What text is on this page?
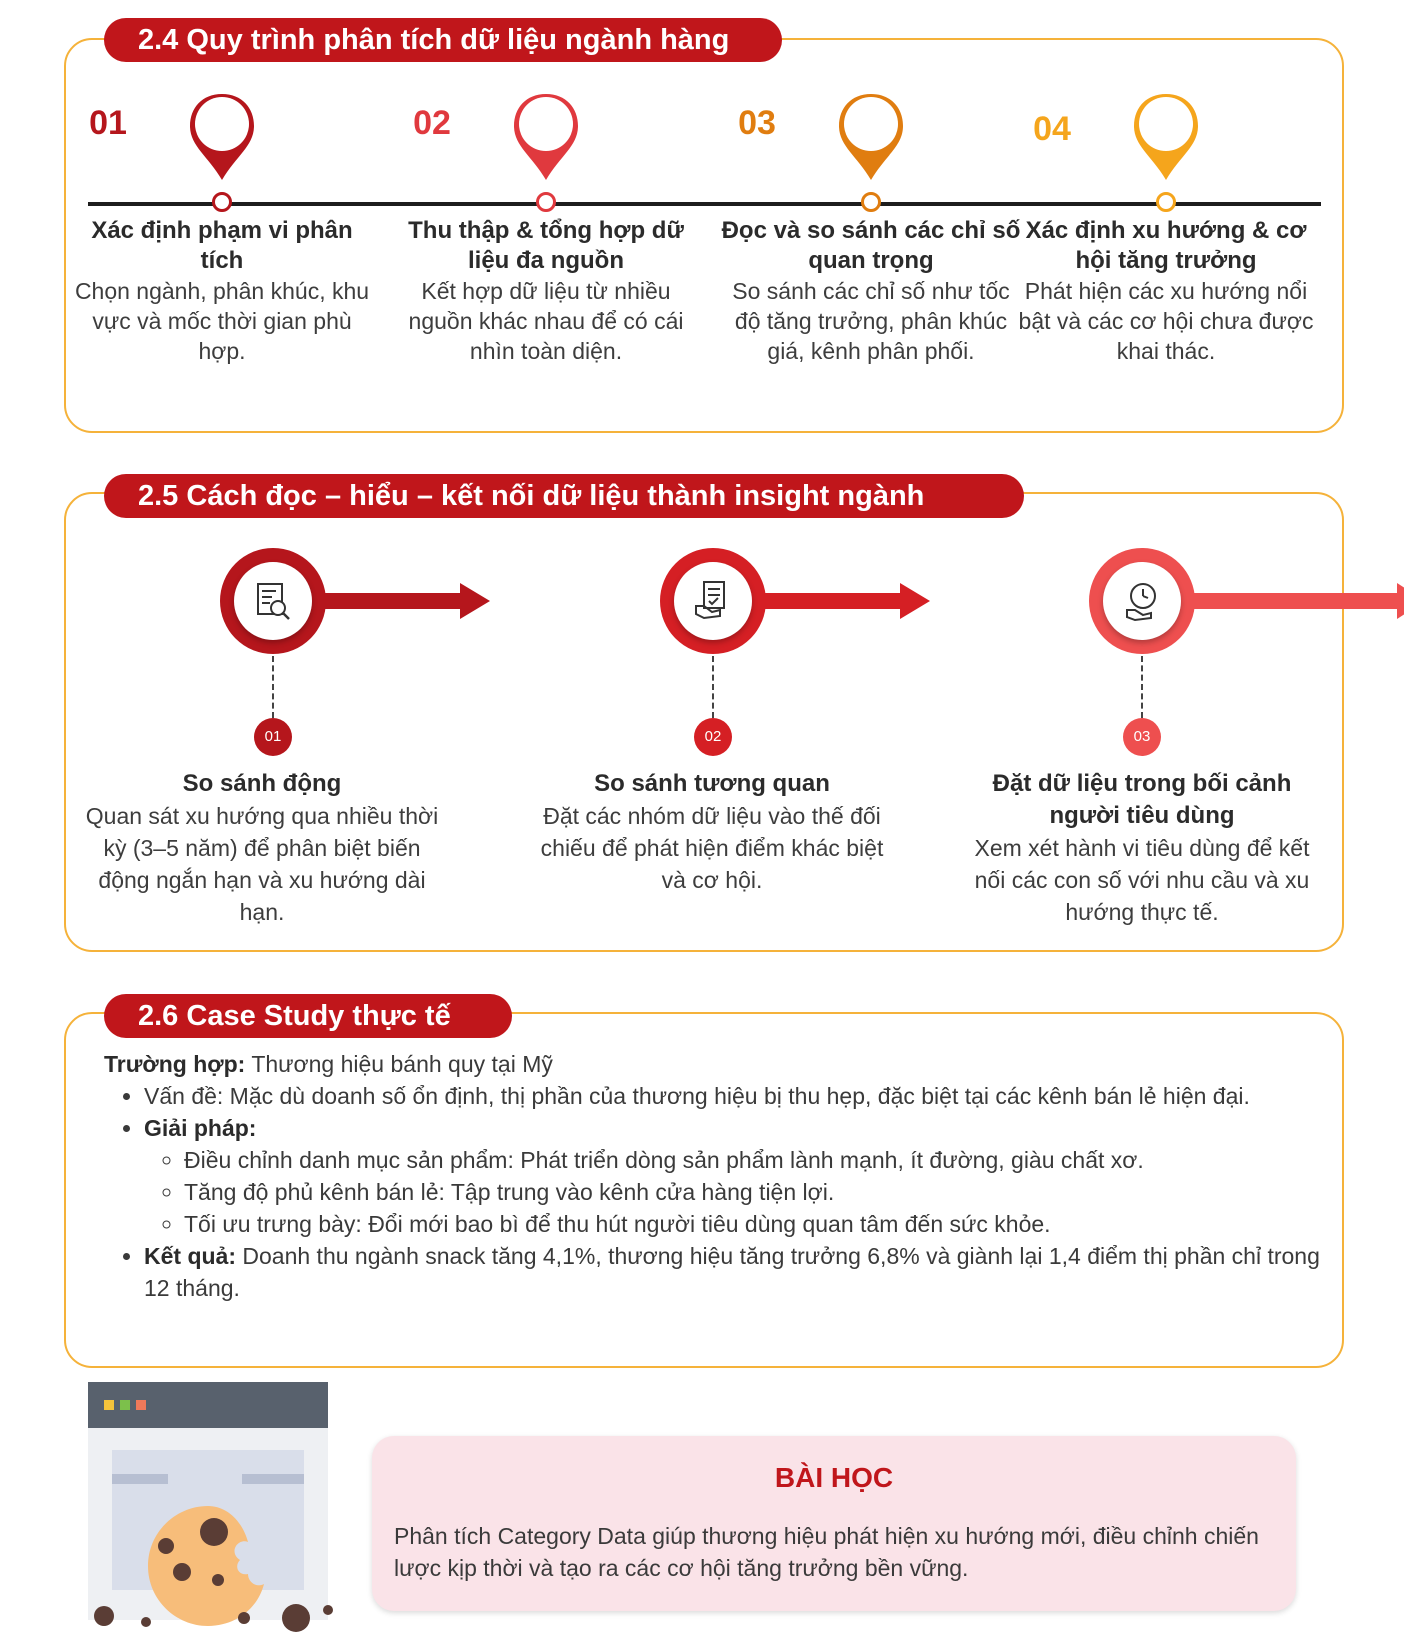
2.4 Quy trình phân tích dữ liệu ngành hàng
01
Xác định phạm vi phân tích
Chọn ngành, phân khúc, khu vực và mốc thời gian phù hợp.
02
Thu thập & tổng hợp dữ liệu đa nguồn
Kết hợp dữ liệu từ nhiều nguồn khác nhau để có cái nhìn toàn diện.
03
Đọc và so sánh các chỉ số quan trọng
So sánh các chỉ số như tốc độ tăng trưởng, phân khúc giá, kênh phân phối.
04
Xác định xu hướng & cơ hội tăng trưởng
Phát hiện các xu hướng nổi bật và các cơ hội chưa được khai thác.
2.5 Cách đọc – hiểu – kết nối dữ liệu thành insight ngành
01
So sánh động
Quan sát xu hướng qua nhiều thời kỳ (3–5 năm) để phân biệt biến động ngắn hạn và xu hướng dài hạn.
02
So sánh tương quan
Đặt các nhóm dữ liệu vào thế đối chiếu để phát hiện điểm khác biệt và cơ hội.
03
Đặt dữ liệu trong bối cảnh người tiêu dùng
Xem xét hành vi tiêu dùng để kết nối các con số với nhu cầu và xu hướng thực tế.
2.6 Case Study thực tế
Trường hợp: Thương hiệu bánh quy tại Mỹ
• Vấn đề: Mặc dù doanh số ổn định, thị phần của thương hiệu bị thu hẹp, đặc biệt tại các kênh bán lẻ hiện đại.
• Giải pháp:
◦ Điều chỉnh danh mục sản phẩm: Phát triển dòng sản phẩm lành mạnh, ít đường, giàu chất xơ.
◦ Tăng độ phủ kênh bán lẻ: Tập trung vào kênh cửa hàng tiện lợi.
◦ Tối ưu trưng bày: Đổi mới bao bì để thu hút người tiêu dùng quan tâm đến sức khỏe.
• Kết quả: Doanh thu ngành snack tăng 4,1%, thương hiệu tăng trưởng 6,8% và giành lại 1,4 điểm thị phần chỉ trong 12 tháng.
BÀI HỌC
Phân tích Category Data giúp thương hiệu phát hiện xu hướng mới, điều chỉnh chiến lược kịp thời và tạo ra các cơ hội tăng trưởng bền vững.
